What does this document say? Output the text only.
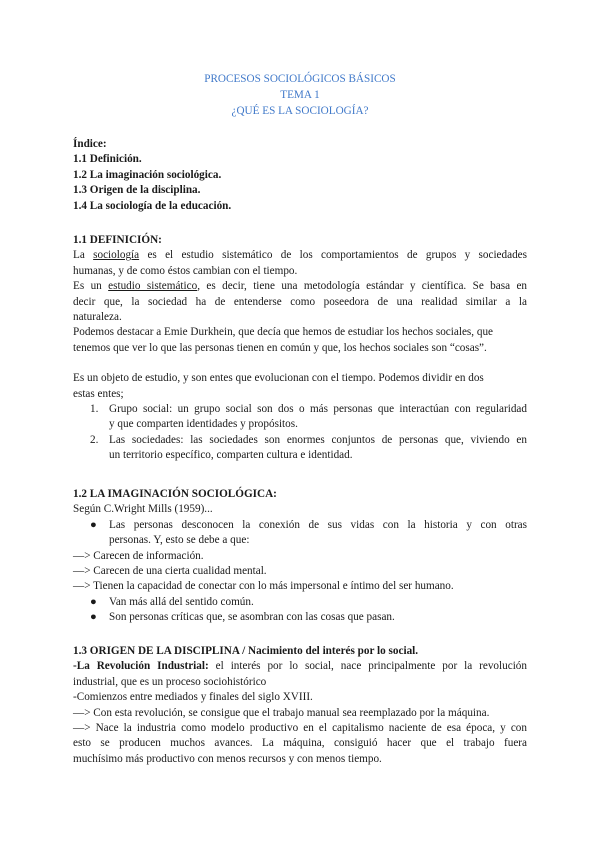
PROCESOS SOCIOLÓGICOS BÁSICOS
TEMA 1
¿QUÉ ES LA SOCIOLOGÍA?
Índice:
1.1 Definición.
1.2 La imaginación sociológica.
1.3 Origen de la disciplina.
1.4 La sociología de la educación.
1.1 DEFINICIÓN:
La sociología es el estudio sistemático de los comportamientos de grupos y sociedades
humanas, y de como éstos cambian con el tiempo.
Es un estudio sistemático, es decir, tiene una metodología estándar y científica. Se basa en
decir que, la sociedad ha de entenderse como poseedora de una realidad similar a la
naturaleza.
Podemos destacar a Emie Durkhein, que decía que hemos de estudiar los hechos sociales, que
tenemos que ver lo que las personas tienen en común y que, los hechos sociales son “cosas”.
Es un objeto de estudio, y son entes que evolucionan con el tiempo. Podemos dividir en dos
estas entes;
1. Grupo social: un grupo social son dos o más personas que interactúan con regularidad
y que comparten identidades y propósitos.
2. Las sociedades: las sociedades son enormes conjuntos de personas que, viviendo en
un territorio específico, comparten cultura e identidad.
1.2 LA IMAGINACIÓN SOCIOLÓGICA:
Según C.Wright Mills (1959)...
● Las personas desconocen la conexión de sus vidas con la historia y con otras
personas. Y, esto se debe a que:
—> Carecen de información.
—> Carecen de una cierta cualidad mental.
—> Tienen la capacidad de conectar con lo más impersonal e íntimo del ser humano.
● Van más allá del sentido común.
● Son personas críticas que, se asombran con las cosas que pasan.
1.3 ORIGEN DE LA DISCIPLINA / Nacimiento del interés por lo social.
-La Revolución Industrial: el interés por lo social, nace principalmente por la revolución
industrial, que es un proceso sociohistórico
-Comienzos entre mediados y finales del siglo XVIII.
—> Con esta revolución, se consigue que el trabajo manual sea reemplazado por la máquina.
—> Nace la industria como modelo productivo en el capitalismo naciente de esa época, y con
esto se producen muchos avances. La máquina, consiguió hacer que el trabajo fuera
muchísimo más productivo con menos recursos y con menos tiempo.
